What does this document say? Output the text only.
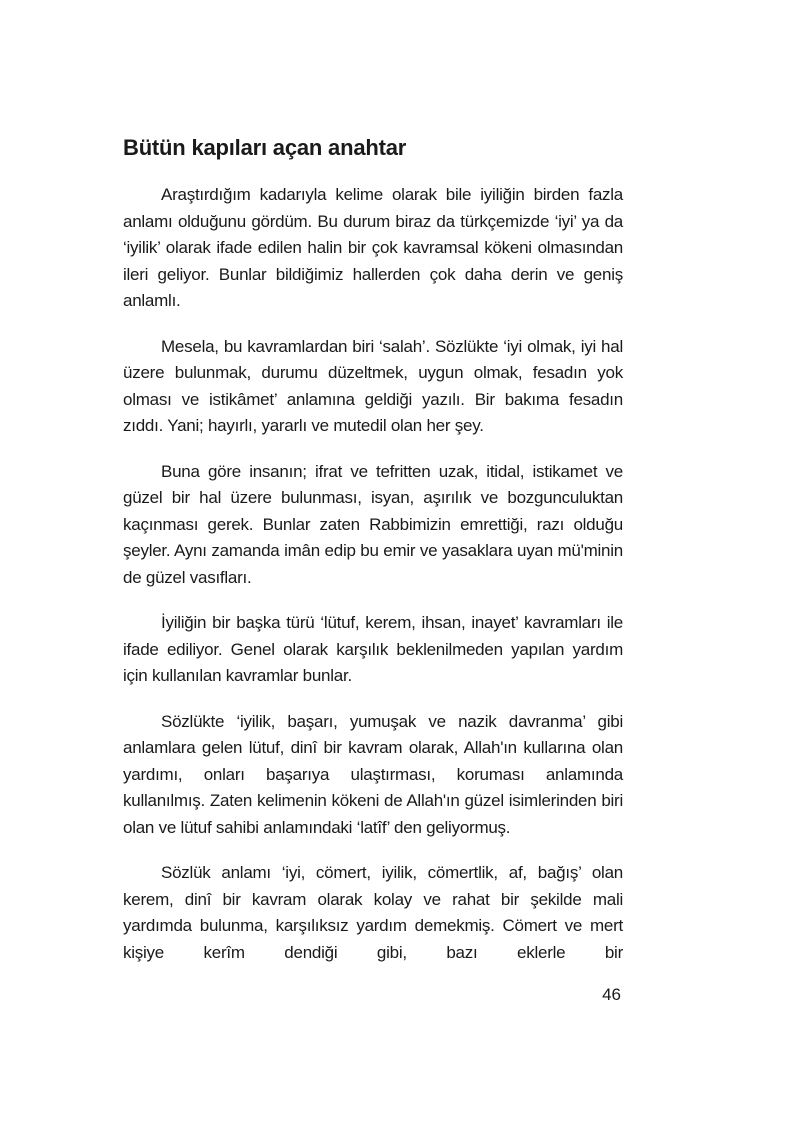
Bütün kapıları açan anahtar

Araştırdığım kadarıyla kelime olarak bile iyiliğin birden fazla anlamı olduğunu gördüm. Bu durum biraz da türkçemizde ‘iyi’ ya da ‘iyilik’ olarak ifade edilen halin bir çok kavramsal kökeni olmasından ileri geliyor. Bunlar bildiğimiz hallerden çok daha derin ve geniş anlamlı.

Mesela, bu kavramlardan biri ‘salah’. Sözlükte ‘iyi olmak, iyi hal üzere bulunmak, durumu düzeltmek, uygun olmak, fesadın yok olması ve istikâmet’ anlamına geldiği yazılı. Bir bakıma fesadın zıddı. Yani; hayırlı, yararlı ve mutedil olan her şey.

Buna göre insanın; ifrat ve tefritten uzak, itidal, istikamet ve güzel bir hal üzere bulunması, isyan, aşırılık ve bozgunculuktan kaçınması gerek. Bunlar zaten Rabbimizin emrettiği, razı olduğu şeyler. Aynı zamanda imân edip bu emir ve yasaklara uyan mü'minin de güzel vasıfları.

İyiliğin bir başka türü ‘lütuf, kerem, ihsan, inayet’ kavramları ile ifade ediliyor. Genel olarak karşılık beklenilmeden yapılan yardım için kullanılan kavramlar bunlar.

Sözlükte ‘iyilik, başarı, yumuşak ve nazik davranma’ gibi anlamlara gelen lütuf, dinî bir kavram olarak, Allah'ın kullarına olan yardımı, onları başarıya ulaştırması, koruması anlamında kullanılmış. Zaten kelimenin kökeni de Allah'ın güzel isimlerinden biri olan ve lütuf sahibi anlamındaki ‘latîf’ den geliyormuş.

Sözlük anlamı ‘iyi, cömert, iyilik, cömertlik, af, bağış’ olan kerem, dinî bir kavram olarak kolay ve rahat bir şekilde mali yardımda bulunma, karşılıksız yardım demekmiş. Cömert ve mert kişiye kerîm dendiği gibi, bazı eklerle bir

46
